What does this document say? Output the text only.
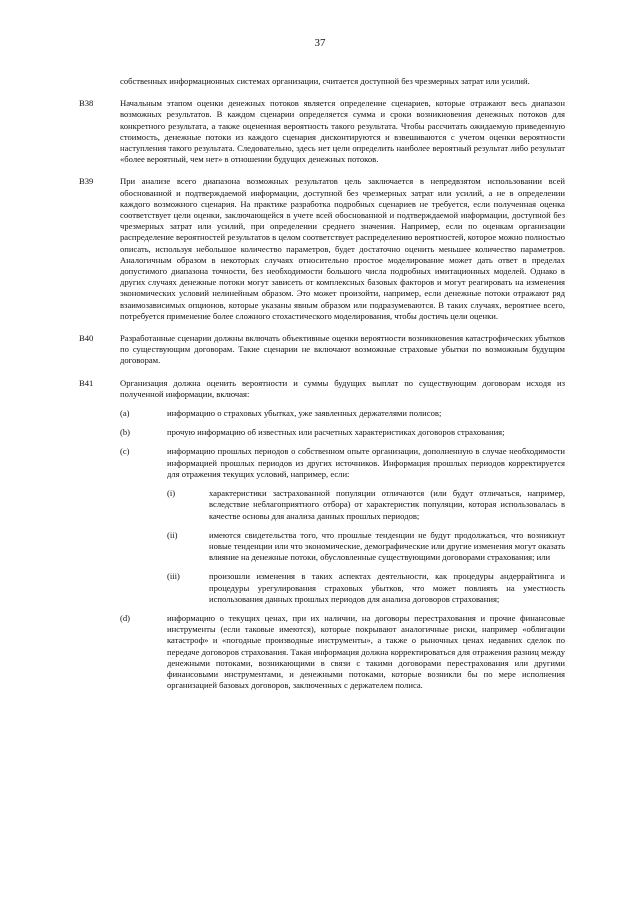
37
собственных информационных системах организации, считается доступной без чрезмерных затрат или усилий.
B38	Начальным этапом оценки денежных потоков является определение сценариев, которые отражают весь диапазон возможных результатов. В каждом сценарии определяется сумма и сроки возникновения денежных потоков для конкретного результата, а также оцененная вероятность такого результата. Чтобы рассчитать ожидаемую приведенную стоимость, денежные потоки из каждого сценария дисконтируются и взвешиваются с учетом оценки вероятности наступления такого результата. Следовательно, здесь нет цели определить наиболее вероятный результат либо результат «более вероятный, чем нет» в отношении будущих денежных потоков.
B39	При анализе всего диапазона возможных результатов цель заключается в непредвзятом использовании всей обоснованной и подтверждаемой информации, доступной без чрезмерных затрат или усилий, а не в определении каждого возможного сценария. На практике разработка подробных сценариев не требуется, если полученная оценка соответствует цели оценки, заключающейся в учете всей обоснованной и подтверждаемой информации, доступной без чрезмерных затрат или усилий, при определении среднего значения. Например, если по оценкам организации распределение вероятностей результатов в целом соответствует распределению вероятностей, которое можно полностью описать, используя небольшое количество параметров, будет достаточно оценить меньшее количество параметров. Аналогичным образом в некоторых случаях относительно простое моделирование может дать ответ в пределах допустимого диапазона точности, без необходимости большого числа подробных имитационных моделей. Однако в других случаях денежные потоки могут зависеть от комплексных базовых факторов и могут реагировать на изменения экономических условий нелинейным образом. Это может произойти, например, если денежные потоки отражают ряд взаимозависимых опционов, которые указаны явным образом или подразумеваются. В таких случаях, вероятнее всего, потребуется применение более сложного стохастического моделирования, чтобы достичь цели оценки.
B40	Разработанные сценарии должны включать объективные оценки вероятности возникновения катастрофических убытков по существующим договорам. Такие сценарии не включают возможные страховые убытки по возможным будущим договорам.
B41	Организация должна оценить вероятности и суммы будущих выплат по существующим договорам исходя из полученной информации, включая:
(a)	информацию о страховых убытках, уже заявленных держателями полисов;
(b)	прочую информацию об известных или расчетных характеристиках договоров страхования;
(c)	информацию прошлых периодов о собственном опыте организации, дополненную в случае необходимости информацией прошлых периодов из других источников. Информация прошлых периодов корректируется для отражения текущих условий, например, если:
(i)	характеристики застрахованной популяции отличаются (или будут отличаться, например, вследствие неблагоприятного отбора) от характеристик популяции, которая использовалась в качестве основы для анализа данных прошлых периодов;
(ii)	имеются свидетельства того, что прошлые тенденции не будут продолжаться, что возникнут новые тенденции или что экономические, демографические или другие изменения могут оказать влияние на денежные потоки, обусловленные существующими договорами страхования; или
(iii)	произошли изменения в таких аспектах деятельности, как процедуры андеррайтинга и процедуры урегулирования страховых убытков, что может повлиять на уместность использования данных прошлых периодов для анализа договоров страхования;
(d)	информацию о текущих ценах, при их наличии, на договоры перестрахования и прочие финансовые инструменты (если таковые имеются), которые покрывают аналогичные риски, например «облигации катастроф» и «погодные производные инструменты», а также о рыночных ценах недавних сделок по передаче договоров страхования. Такая информация должна корректироваться для отражения разниц между денежными потоками, возникающими в связи с такими договорами перестрахования или другими финансовыми инструментами, и денежными потоками, которые возникли бы по мере исполнения организацией базовых договоров, заключенных с держателем полиса.
